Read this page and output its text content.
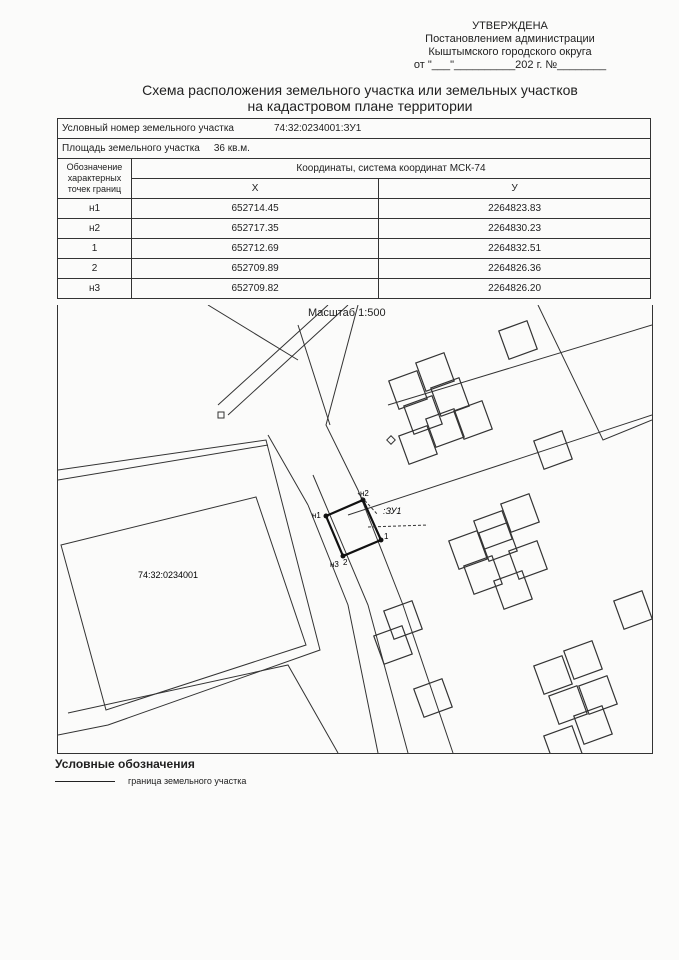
УТВЕРЖДЕНА
Постановлением администрации
Кыштымского городского округа
от "___"__________202 г. №________
Схема расположения земельного участка или земельных участков
на кадастровом плане территории
Условный номер земельного участка 74:32:0234001:ЗУ1		
Площадь земельного участка 36 кв.м.		
Обозначение характерных точек границ	Координаты, система координат МСК-74	
	X	У
н1	652714.45	2264823.83
н2	652717.35	2264830.23
1	652712.69	2264832.51
2	652709.89	2264826.36
н3	652709.82	2264826.20
н1
н2
1
2
н3
:ЗУ1
74:32:0234001
Масштаб 1:500
Условные обозначения
граница земельного участка
